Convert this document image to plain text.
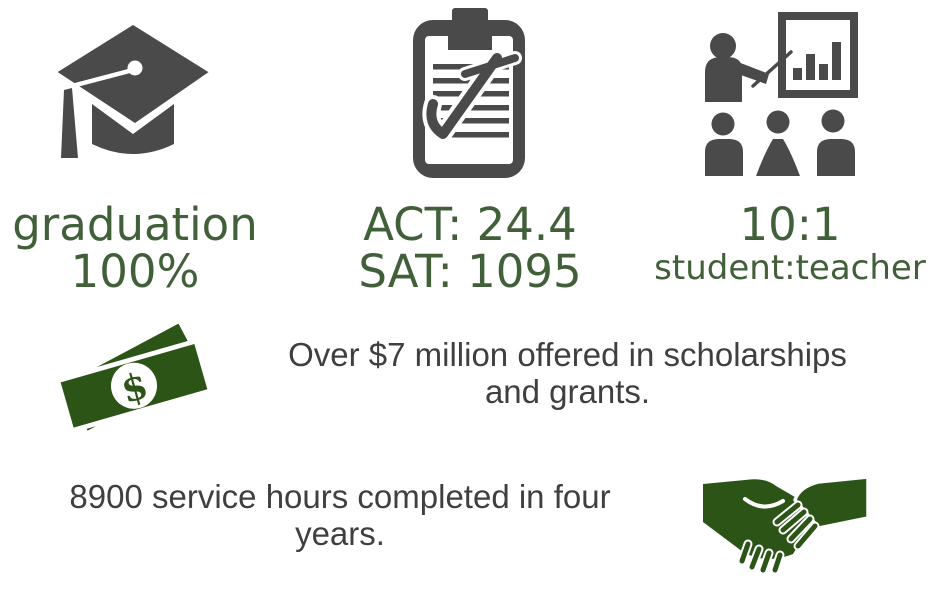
graduation
100%
ACT: 24.4
SAT: 1095
10:1
student:teacher
$
Over $7 million offered in scholarships
and grants.
8900 service hours completed in four
years.
